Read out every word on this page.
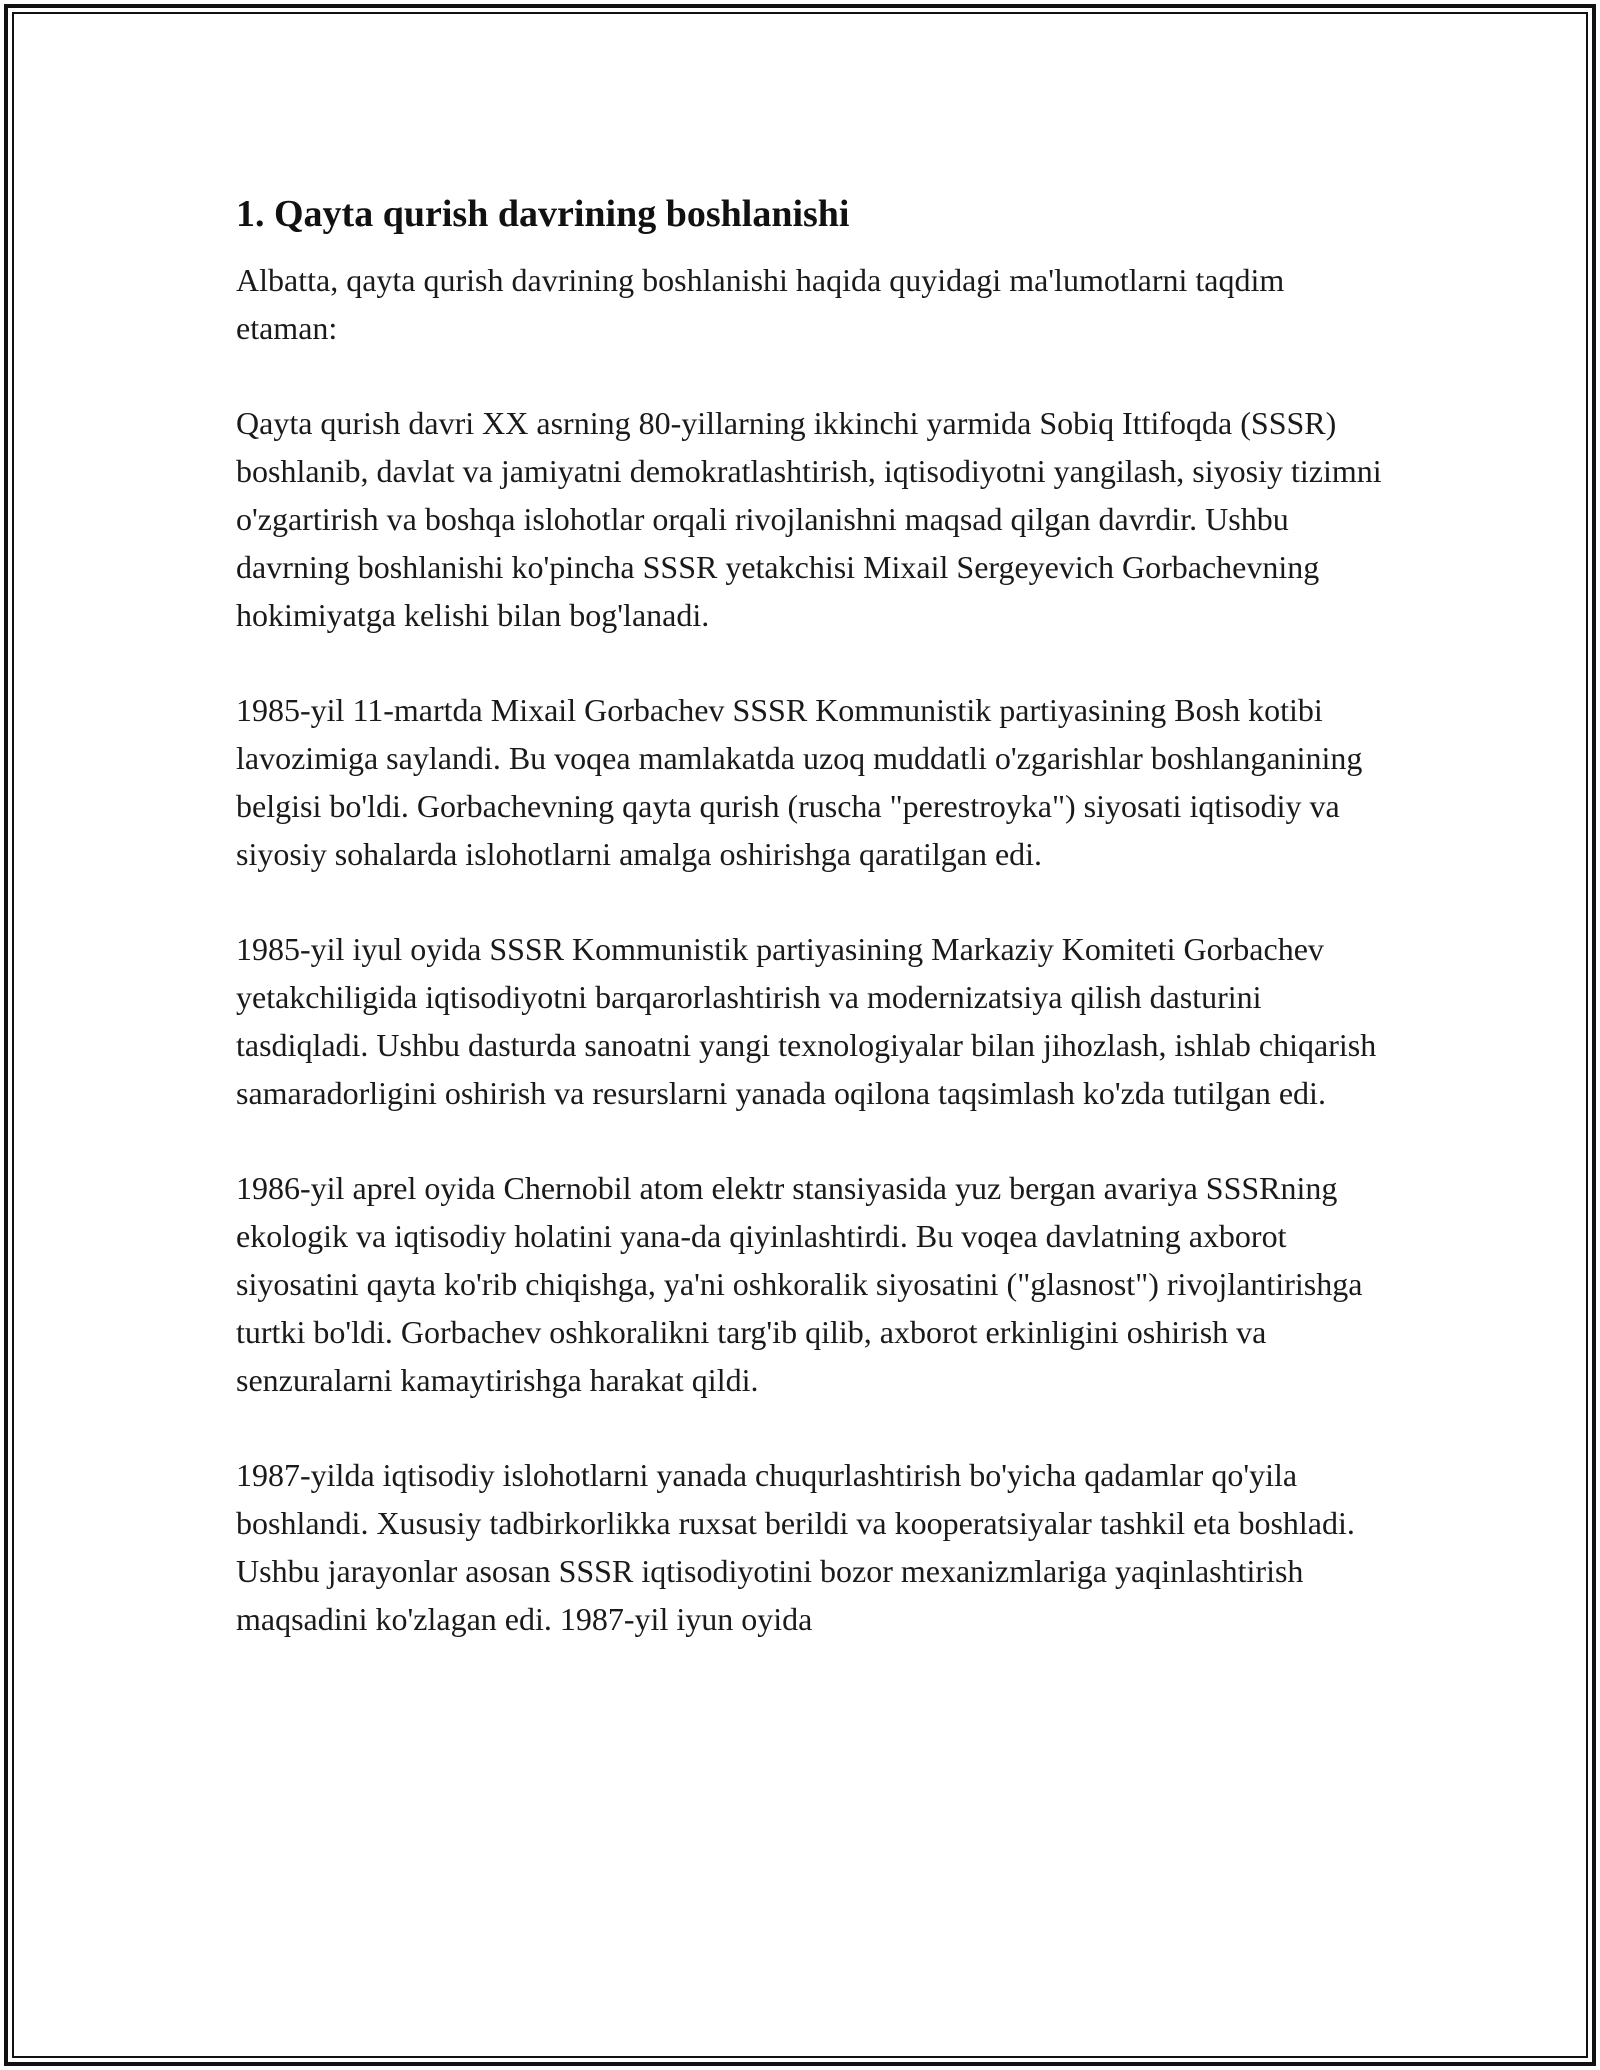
1. Qayta qurish davrining boshlanishi

Albatta, qayta qurish davrining boshlanishi haqida quyidagi ma'lumotlarni taqdim etaman:

Qayta qurish davri XX asrning 80-yillarning ikkinchi yarmida Sobiq Ittifoqda (SSSR) boshlanib, davlat va jamiyatni demokratlashtirish, iqtisodiyotni yangilash, siyosiy tizimni o'zgartirish va boshqa islohotlar orqali rivojlanishni maqsad qilgan davrdir. Ushbu davrning boshlanishi ko'pincha SSSR yetakchisi Mixail Sergeyevich Gorbachevning hokimiyatga kelishi bilan bog'lanadi.

1985-yil 11-martda Mixail Gorbachev SSSR Kommunistik partiyasining Bosh kotibi lavozimiga saylandi. Bu voqea mamlakatda uzoq muddatli o'zgarishlar boshlanganining belgisi bo'ldi. Gorbachevning qayta qurish (ruscha "perestroyka") siyosati iqtisodiy va siyosiy sohalarda islohotlarni amalga oshirishga qaratilgan edi.

1985-yil iyul oyida SSSR Kommunistik partiyasining Markaziy Komiteti Gorbachev yetakchiligida iqtisodiyotni barqarorlashtirish va modernizatsiya qilish dasturini tasdiqladi. Ushbu dasturda sanoatni yangi texnologiyalar bilan jihozlash, ishlab chiqarish samaradorligini oshirish va resurslarni yanada oqilona taqsimlash ko'zda tutilgan edi.

1986-yil aprel oyida Chernobil atom elektr stansiyasida yuz bergan avariya SSSRning ekologik va iqtisodiy holatini yana-da qiyinlashtirdi. Bu voqea davlatning axborot siyosatini qayta ko'rib chiqishga, ya'ni oshkoralik siyosatini ("glasnost") rivojlantirishga turtki bo'ldi. Gorbachev oshkoralikni targ'ib qilib, axborot erkinligini oshirish va senzuralarni kamaytirishga harakat qildi.

1987-yilda iqtisodiy islohotlarni yanada chuqurlashtirish bo'yicha qadamlar qo'yila boshlandi. Xususiy tadbirkorlikka ruxsat berildi va kooperatsiyalar tashkil eta boshladi. Ushbu jarayonlar asosan SSSR iqtisodiyotini bozor mexanizmlariga yaqinlashtirish maqsadini ko'zlagan edi. 1987-yil iyun oyida
